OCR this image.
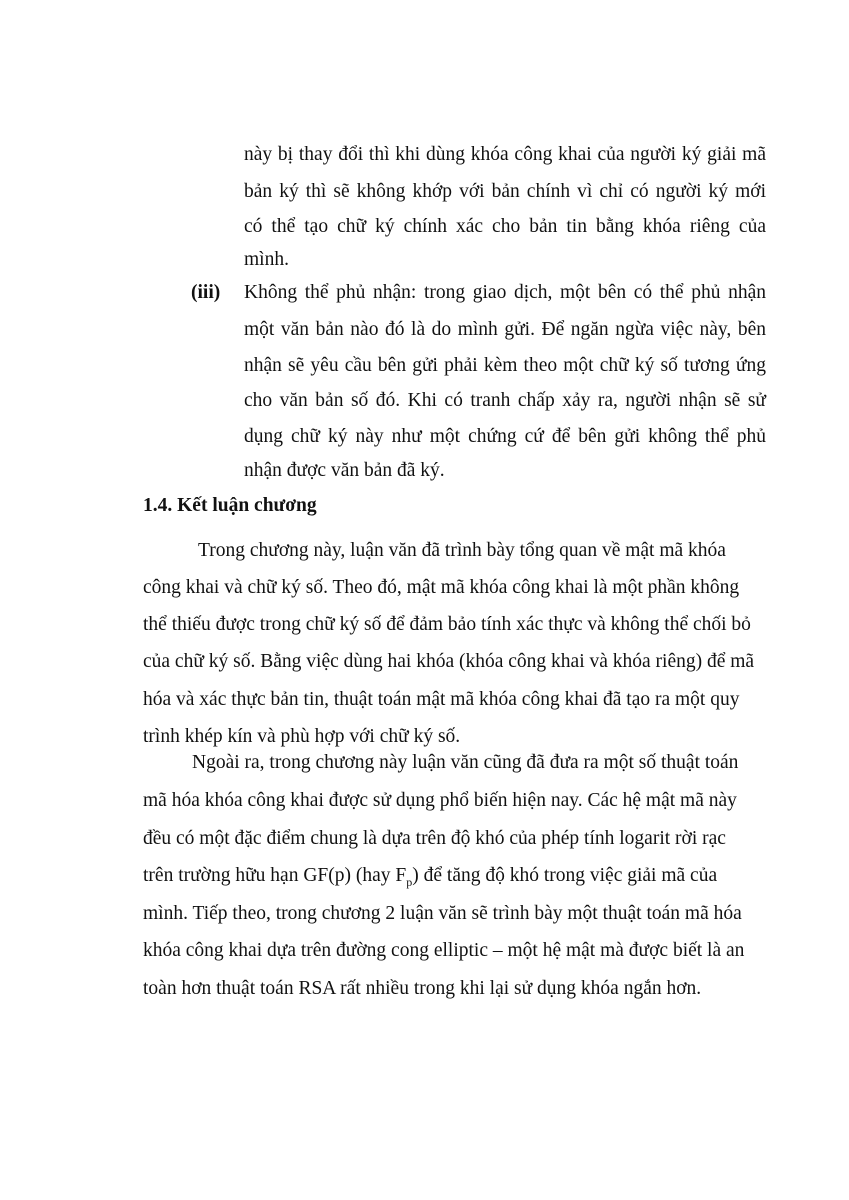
này bị thay đổi thì khi dùng khóa công khai của người ký giải mã
bản ký thì sẽ không khớp với bản chính vì chỉ có người ký mới
có thể tạo chữ ký chính xác cho bản tin bằng khóa riêng của
mình.
(iii) Không thể phủ nhận: trong giao dịch, một bên có thể phủ nhận
một văn bản nào đó là do mình gửi. Để ngăn ngừa việc này, bên
nhận sẽ yêu cầu bên gửi phải kèm theo một chữ ký số tương ứng
cho văn bản số đó. Khi có tranh chấp xảy ra, người nhận sẽ sử
dụng chữ ký này như một chứng cứ để bên gửi không thể phủ
nhận được văn bản đã ký.
1.4. Kết luận chương
Trong chương này, luận văn đã trình bày tổng quan về mật mã khóa
công khai và chữ ký số. Theo đó, mật mã khóa công khai là một phần không
thể thiếu được trong chữ ký số để đảm bảo tính xác thực và không thể chối bỏ
của chữ ký số. Bằng việc dùng hai khóa (khóa công khai và khóa riêng) để mã
hóa và xác thực bản tin, thuật toán mật mã khóa công khai đã tạo ra một quy
trình khép kín và phù hợp với chữ ký số.
Ngoài ra, trong chương này luận văn cũng đã đưa ra một số thuật toán
mã hóa khóa công khai được sử dụng phổ biến hiện nay. Các hệ mật mã này
đều có một đặc điểm chung là dựa trên độ khó của phép tính logarit rời rạc
trên trường hữu hạn GF(p) (hay $F_p$) để tăng độ khó trong việc giải mã của
mình. Tiếp theo, trong chương 2 luận văn sẽ trình bày một thuật toán mã hóa
khóa công khai dựa trên đường cong elliptic – một hệ mật mà được biết là an
toàn hơn thuật toán RSA rất nhiều trong khi lại sử dụng khóa ngắn hơn.
